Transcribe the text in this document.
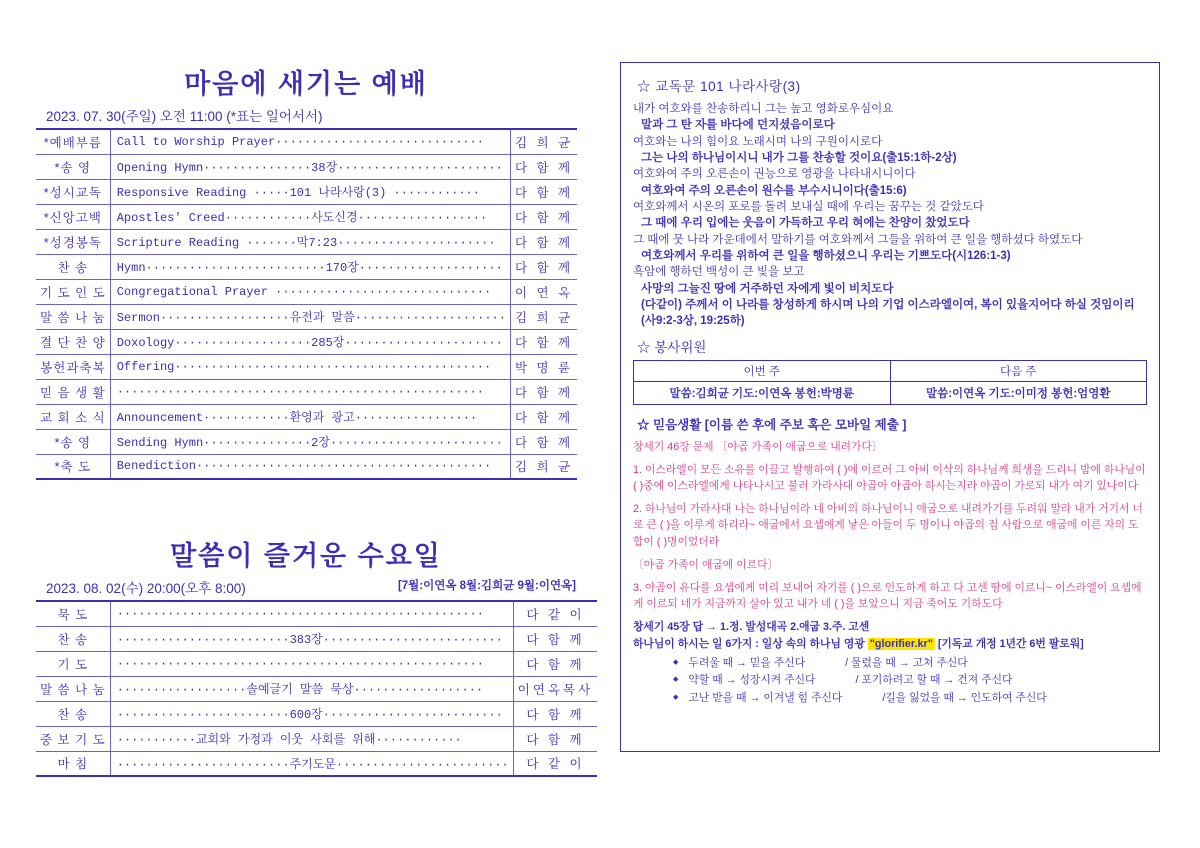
마음에 새기는 예배
2023. 07. 30(주일) 오전 11:00 (*표는 일어서서)
*예배부름	Call to Worship Prayer·····························	김 희 균
*송 영	Opening Hymn···············38장·······················	다 함 께
*성시교독	Responsive Reading ·····101 나라사랑(3) ············	다 함 께
*신앙고백	Apostles' Creed············사도신경··················	다 함 께
*성경봉독	Scripture Reading ·······막7:23······················	다 함 께
찬 송	Hymn·························170장····················	다 함 께
기 도 인 도	Congregational Prayer ······························	이 연 옥
말 씀 나 눔	Sermon··················유전과 말씀·····················	김 희 균
결 단 찬 양	Doxology···················285장······················	다 함 께
봉헌과축복	Offering············································	박 명 륜
믿 음 생 활	···················································	다 함 께
교 회 소 식	Announcement············환영과 광고·················	다 함 께
*송 영	Sending Hymn···············2장························	다 함 께
*축 도	Benediction·········································	김 희 균
말씀이 즐거운 수요일
[7월:이연옥 8월:김희균 9월:이연옥]
2023. 08. 02(수) 20:00(오후 8:00)
묵 도	···················································	다 같 이
찬 송	························383장·························	다 함 께
기 도	···················································	다 함 께
말 씀 나 눔	··················솔예글기 말씀 묵상··················	이연옥목사
찬 송	························600장·························	다 함 께
중 보 기 도	···········교회와 가정과 이웃 사회를 위해············	다 함 께
마 침	························주기도문························	다 같 이
☆ 교독문 101 나라사랑(3)
내가 여호와를 찬송하리니 그는 높고 영화로우심이요
말과 그 탄 자를 바다에 던지셨음이로다
여호와는 나의 힘이요 노래시며 나의 구원이시로다
그는 나의 하나님이시니 내가 그를 찬송할 것이요(출15:1하-2상)
여호와여 주의 오른손이 권능으로 영광을 나타내시니이다
여호와여 주의 오른손이 원수를 부수시니이다(출15:6)
여호와께서 시온의 포로를 돌려 보내실 때에 우리는 꿈꾸는 것 같았도다
그 때에 우리 입에는 웃음이 가득하고 우리 혀에는 찬양이 찼었도다
그 때에 뭇 나라 가운데에서 말하기를 여호와께서 그들을 위하여 큰 일을 행하셨다 하였도다
여호와께서 우리를 위하여 큰 일을 행하셨으니 우리는 기쁘도다(시126:1-3)
흑암에 행하던 백성이 큰 빛을 보고
사망의 그늘진 땅에 거주하던 자에게 빛이 비치도다
(다같이) 주께서 이 나라를 창성하게 하시며 나의 기업 이스라엘이여, 복이 있을지어다 하실 것임이리(사9:2-3상, 19:25하)
☆ 봉사위원
이번 주	다음 주
말씀:김희균 기도:이연옥 봉헌:박명륜	말씀:이연옥 기도:이미정 봉헌:엄영환
☆ 믿음생활 [이름 쓴 후에 주보 혹은 모바일 제출 ]

창세기 46장 문제 〔야곱 가족이 애굽으로 내려가다〕

1. 이스라엘이 모든 소유를 이끌고 발행하여 ( )에 이르러 그 아비 이삭의 하나님께 희생을 드리니 밤에 하나님이 ( )중에 이스라엘에게 나타나시고 불러 가라사대 야곱아 야곱아 하시는지라 야곱이 가로되 내가 여기 있나이다

2. 하나님이 가라사대 나는 하나님이라 네 아비의 하나님이니 애굽으로 내려가기를 두려워 말라 내가 거기서 너로 큰 ( )을 이루게 하리라~ 애굽에서 요셉에게 낳은 아들이 두 명이니 야곱의 집 사람으로 애굽에 이른 자의 도합이 ( )명이었더라

〔야곱 가족이 애굽에 이르다〕

3. 야곱이 유다를 요셉에게 미리 보내어 자기를 ( )으로 인도하게 하고 다 고센 땅에 이르니~ 이스라엘이 요셉에게 이르되 네가 지금까지 살아 있고 내가 네 ( )을 보았으니 지금 죽어도 기하도다

창세기 45장 답 → 1.정. 발성대곡 2.애굽 3.주. 고센
하나님이 하시는 일 6가지 : 일상 속의 하나님 영광 "glorifier.kr" [기독교 개정 1년간 6번 팔로워]
◆ 두려울 때 → 믿을 주신다	/ 물렸을 때 → 고쳐 주신다
◆ 약할 때 → 성장시켜 주신다	/ 포기하려고 할 때 → 건져 주신다
◆ 고난 받을 때 → 이겨낼 힘 주신다	/길을 잃었을 때 → 인도하여 주신다
